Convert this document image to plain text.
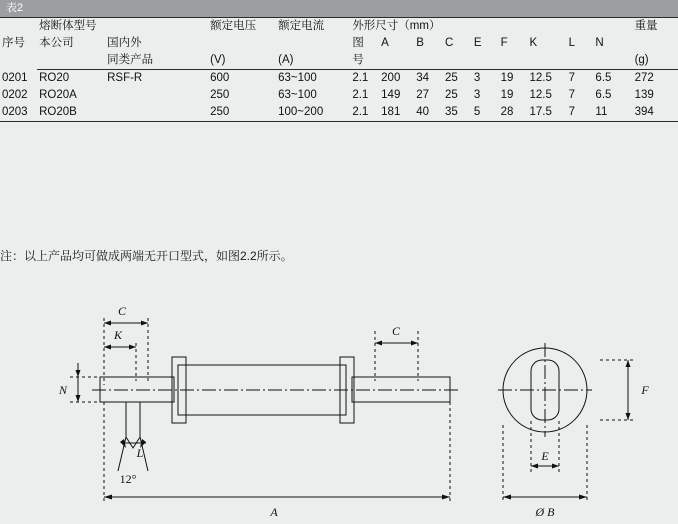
表2
序号	熔断体型号		额定电压	额定电流	外形尺寸（mm）									重量
	本公司	国内外			图	A	B	C	E	F	K	L	N	
		同类产品	(V)	(A)	号									(g)
0201	RO20	RSF-R	600	63~100	2.1	200	34	25	3	19	12.5	7	6.5	272
0202	RO20A		250	63~100	2.1	149	27	25	3	19	12.5	7	6.5	139
0203	RO20B		250	100~200	2.1	181	40	35	5	28	17.5	7	11	394
注：以上产品均可做成两端无开口型式，如图2.2所示。
C
K
N
L
12°
C
A
F
E
Ø B
